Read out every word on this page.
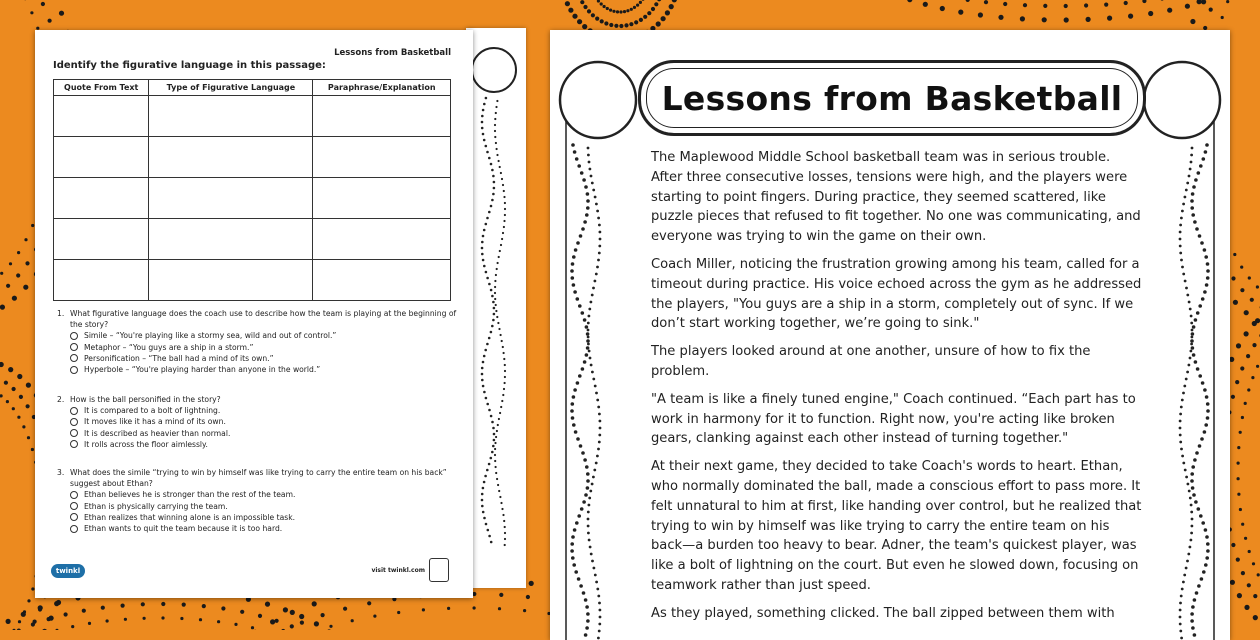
Lessons from Basketball
Identify the figurative language in this passage:
Quote From Text	Type of Figurative Language	Paraphrase/Explanation

1. What figurative language does the coach use to describe how the team is playing at the beginning of the story?
Simile – “You're playing like a stormy sea, wild and out of control.”
Metaphor – “You guys are a ship in a storm.”
Personification – “The ball had a mind of its own.”
Hyperbole – “You're playing harder than anyone in the world.”
2. How is the ball personified in the story?
It is compared to a bolt of lightning.
It moves like it has a mind of its own.
It is described as heavier than normal.
It rolls across the floor aimlessly.
3. What does the simile “trying to win by himself was like trying to carry the entire team on his back” suggest about Ethan?
Ethan believes he is stronger than the rest of the team.
Ethan is physically carrying the team.
Ethan realizes that winning alone is an impossible task.
Ethan wants to quit the team because it is too hard.
twinkl	visit twinkl.com
Lessons from Basketball

The Maplewood Middle School basketball team was in serious trouble. After three consecutive losses, tensions were high, and the players were starting to point fingers. During practice, they seemed scattered, like puzzle pieces that refused to fit together. No one was communicating, and everyone was trying to win the game on their own.

Coach Miller, noticing the frustration growing among his team, called for a timeout during practice. His voice echoed across the gym as he addressed the players, "You guys are a ship in a storm, completely out of sync. If we don’t start working together, we’re going to sink."

The players looked around at one another, unsure of how to fix the problem.

"A team is like a finely tuned engine," Coach continued. “Each part has to work in harmony for it to function. Right now, you're acting like broken gears, clanking against each other instead of turning together."

At their next game, they decided to take Coach's words to heart. Ethan, who normally dominated the ball, made a conscious effort to pass more. It felt unnatural to him at first, like handing over control, but he realized that trying to win by himself was like trying to carry the entire team on his back—a burden too heavy to bear. Adner, the team's quickest player, was like a bolt of lightning on the court. But even he slowed down, focusing on teamwork rather than just speed.

As they played, something clicked. The ball zipped between them with
